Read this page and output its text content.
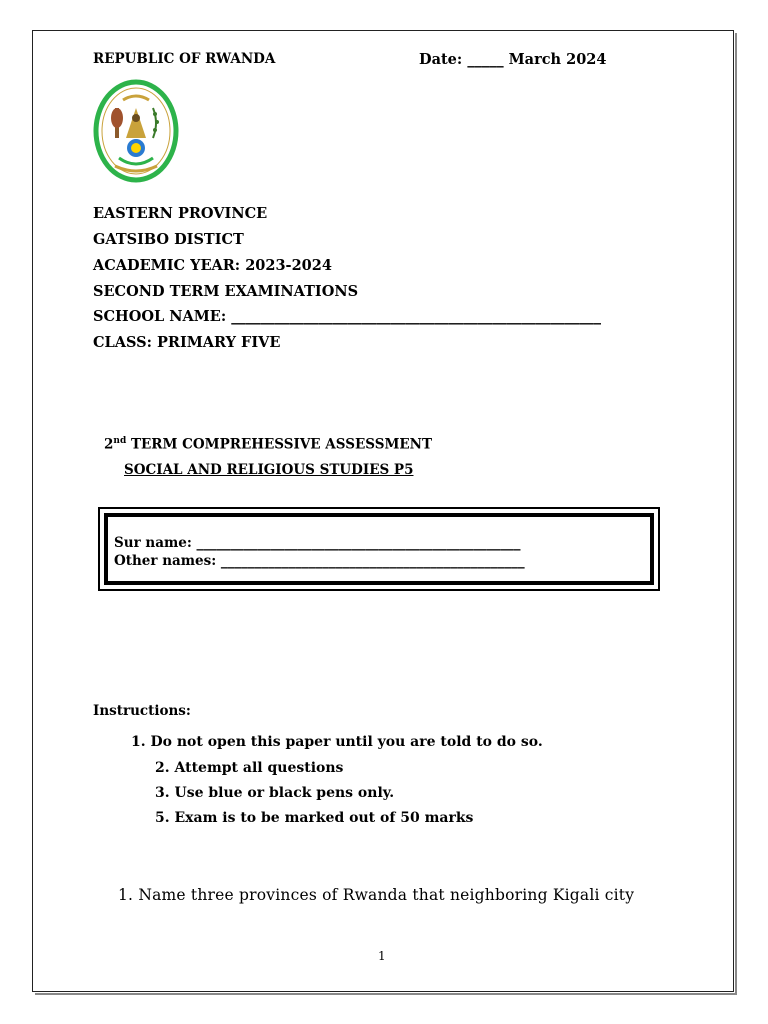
REPUBLIC OF RWANDA	Date: _____ March 2024
EASTERN PROVINCE
GATSIBO DISTICT
ACADEMIC YEAR: 2023-2024
SECOND TERM EXAMINATIONS
SCHOOL NAME: ___________________________________________________
CLASS: PRIMARY FIVE
2nd TERM COMPREHESSIVE ASSESSMENT
SOCIAL AND RELIGIOUS STUDIES P5
Sur name: ________________________________________________
Other names: _____________________________________________
Instructions:
1. Do not open this paper until you are told to do so.
2. Attempt all questions
3. Use blue or black pens only.
5. Exam is to be marked out of 50 marks
1. Name three provinces of Rwanda that neighboring Kigali city
1
